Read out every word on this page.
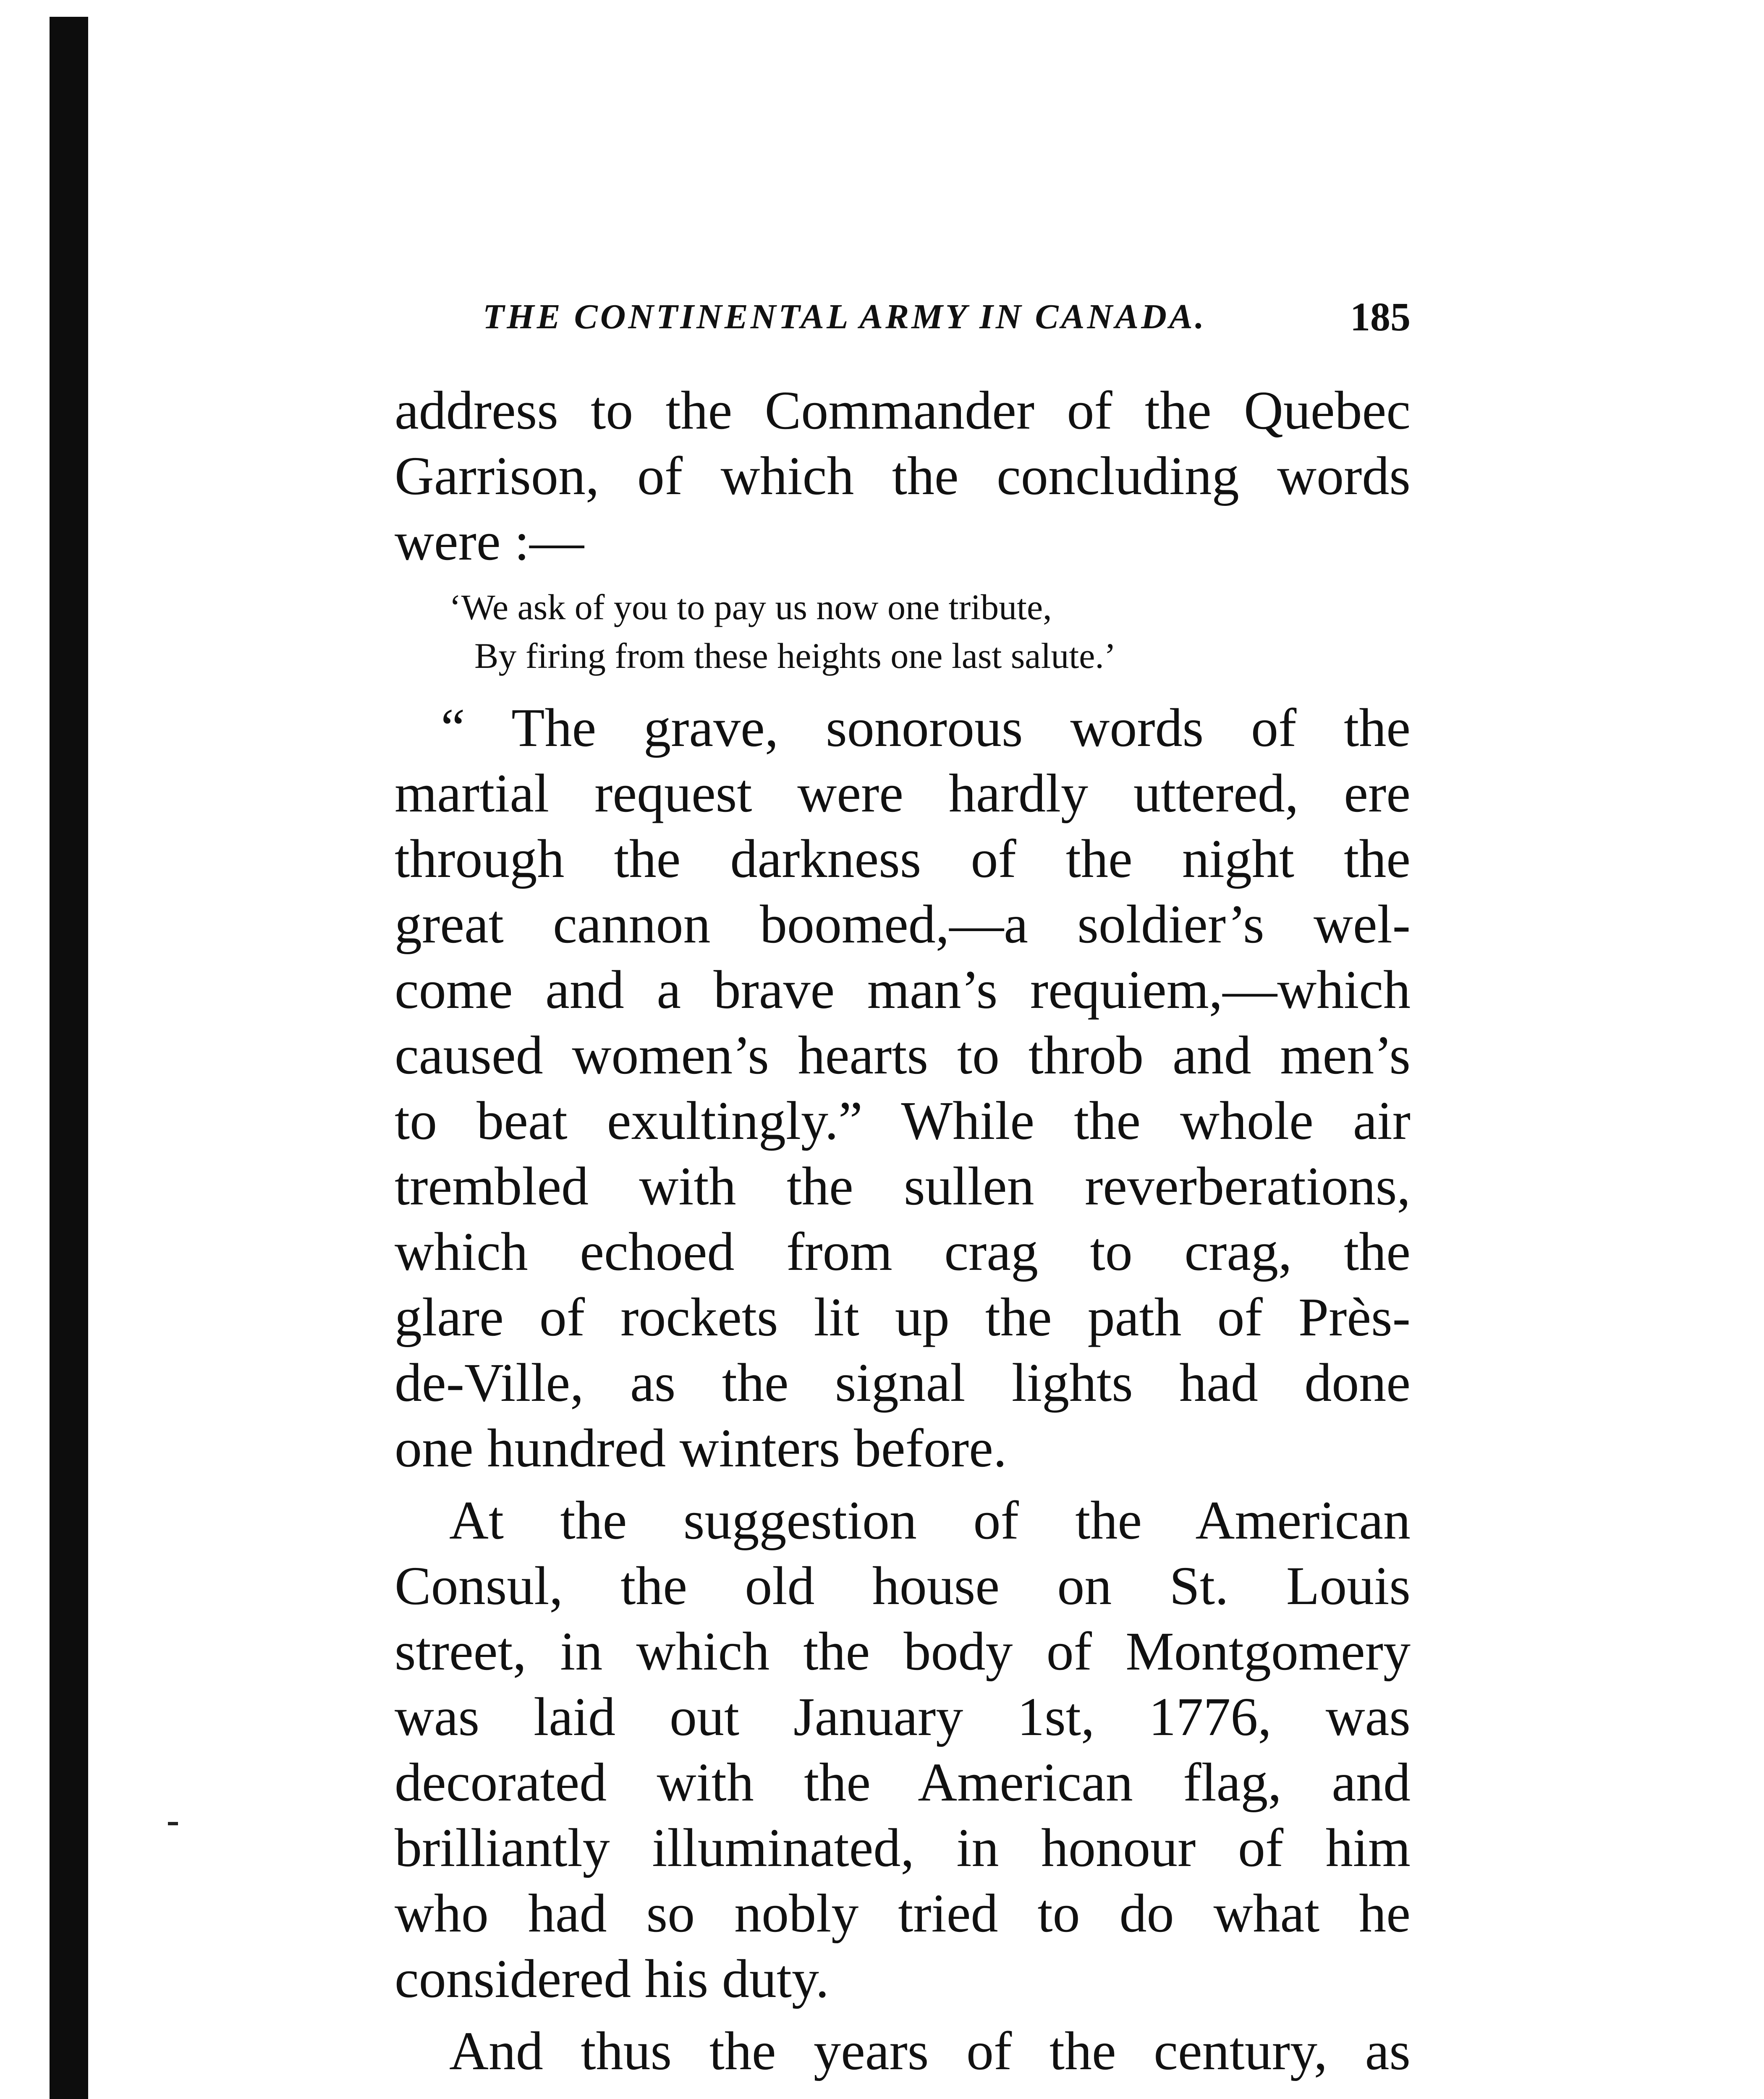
THE CONTINENTAL ARMY IN CANADA.	185
address to the Commander of the Quebec
Garrison, of which the concluding words
were :—
‘We ask of you to pay us now one tribute,
By firing from these heights one last salute.’
“ The grave, sonorous words of the
martial request were hardly uttered, ere
through the darkness of the night the
great cannon boomed,—a soldier’s wel-
come and a brave man’s requiem,—which
caused women’s hearts to throb and men’s
to beat exultingly.” While the whole air
trembled with the sullen reverberations,
which echoed from crag to crag, the
glare of rockets lit up the path of Près-
de-Ville, as the signal lights had done
one hundred winters before.
At the suggestion of the American
Consul, the old house on St. Louis
street, in which the body of Montgomery
was laid out January 1st, 1776, was
decorated with the American flag, and
brilliantly illuminated, in honour of him
who had so nobly tried to do what he
considered his duty.
And thus the years of the century, as
